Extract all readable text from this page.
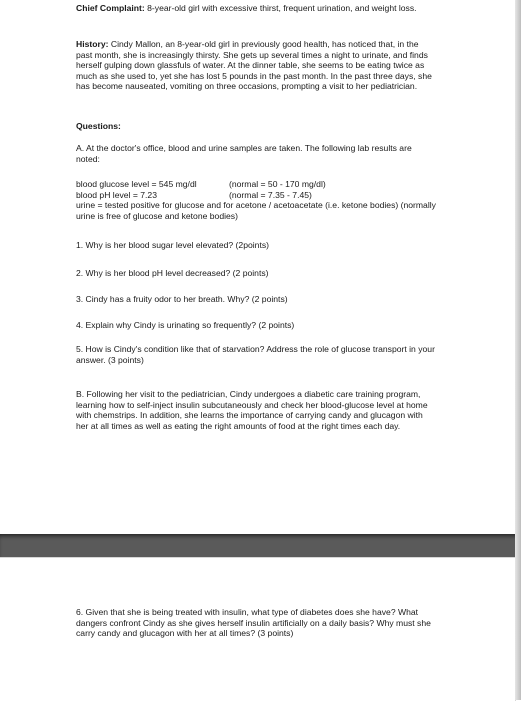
Chief Complaint: 8-year-old girl with excessive thirst, frequent urination, and weight loss.
History: Cindy Mallon, an 8-year-old girl in previously good health, has noticed that, in the past month, she is increasingly thirsty. She gets up several times a night to urinate, and finds herself gulping down glassfuls of water. At the dinner table, she seems to be eating twice as much as she used to, yet she has lost 5 pounds in the past month. In the past three days, she has become nauseated, vomiting on three occasions, prompting a visit to her pediatrician.
Questions:
A. At the doctor's office, blood and urine samples are taken. The following lab results are noted:
blood glucose level = 545 mg/dl	(normal = 50 - 170 mg/dl)
blood pH level = 7.23	(normal = 7.35 - 7.45)
urine = tested positive for glucose and for acetone / acetoacetate (i.e. ketone bodies) (normally urine is free of glucose and ketone bodies)
1. Why is her blood sugar level elevated? (2points)
2. Why is her blood pH level decreased? (2 points)
3. Cindy has a fruity odor to her breath. Why? (2 points)
4. Explain why Cindy is urinating so frequently? (2 points)
5. How is Cindy's condition like that of starvation? Address the role of glucose transport in your answer. (3 points)
B. Following her visit to the pediatrician, Cindy undergoes a diabetic care training program, learning how to self-inject insulin subcutaneously and check her blood-glucose level at home with chemstrips. In addition, she learns the importance of carrying candy and glucagon with her at all times as well as eating the right amounts of food at the right times each day.
6. Given that she is being treated with insulin, what type of diabetes does she have? What dangers confront Cindy as she gives herself insulin artificially on a daily basis? Why must she carry candy and glucagon with her at all times? (3 points)
